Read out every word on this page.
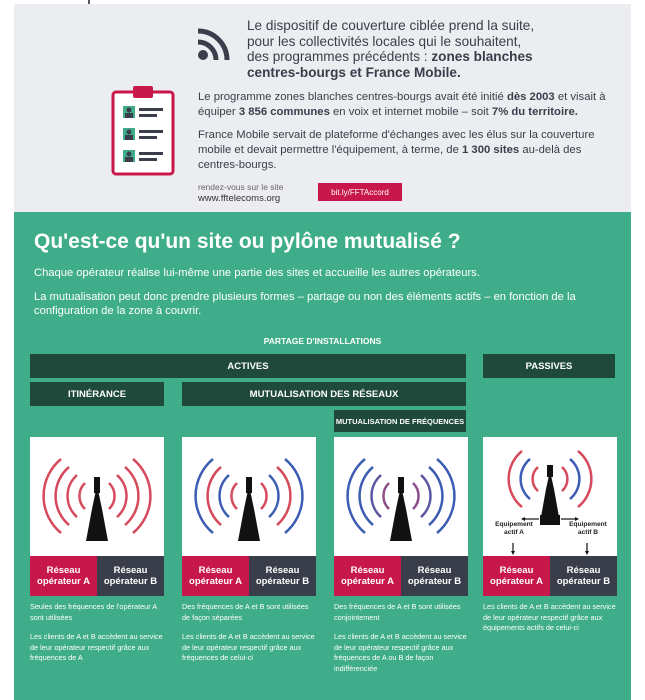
Le dispositif de couverture ciblée prend la suite,
pour les collectivités locales qui le souhaitent,
des programmes précédents : zones blanches
centres-bourgs et France Mobile.
Le programme zones blanches centres-bourgs avait été initié dès 2003 et visait à équiper 3 856 communes en voix et internet mobile – soit 7% du territoire.
France Mobile servait de plateforme d'échanges avec les élus sur la couverture mobile et devait permettre l'équipement, à terme, de 1 300 sites au-delà des centres-bourgs.
rendez-vous sur le site
www.fftelecoms.org
bit.ly/FFTAccord
Qu'est-ce qu'un site ou pylône mutualisé ?
Chaque opérateur réalise lui-même une partie des sites et accueille les autres opérateurs.
La mutualisation peut donc prendre plusieurs formes – partage ou non des éléments actifs – en fonction de la configuration de la zone à couvrir.
PARTAGE D'INSTALLATIONS
ACTIVES	PASSIVES
ITINÉRANCE	MUTUALISATION DES RÉSEAUX
MUTUALISATION DE FRÉQUENCES
Réseau opérateur A
Réseau opérateur B

Seules des fréquences de l'opérateur A sont utilisées

Les clients de A et B accèdent au service de leur opérateur respectif grâce aux fréquences de A

Réseau opérateur A
Réseau opérateur B

Des fréquences de A et B sont utilisées de façon séparées

Les clients de A et B accèdent au service de leur opérateur respectif grâce aux fréquences de celui-ci

Réseau opérateur A
Réseau opérateur B

Des fréquences de A et B sont utilisées conjointement

Les clients de A et B accèdent au service de leur opérateur respectif grâce aux fréquences de A ou B de façon indifférenciée

Equipement actif A
Equipement actif B
Réseau opérateur A
Réseau opérateur B

Les clients de A et B accèdent au service de leur opérateur respectif grâce aux équipements actifs de celui-ci
